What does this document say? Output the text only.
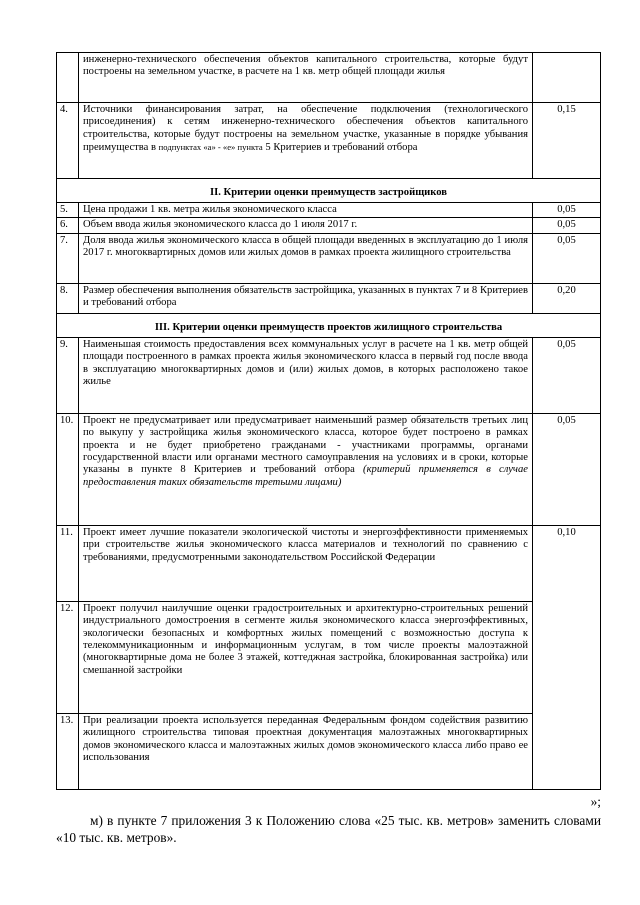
	инженерно-технического обеспечения объектов капитального строительства, которые будут построены на земельном участке, в расчете на 1 кв. метр общей площади жилья	
4.	Источники финансирования затрат, на обеспечение подключения (технологического присоединения) к сетям инженерно-технического обеспечения объектов капитального строительства, которые будут построены на земельном участке, указанные в порядке убывания преимущества в подпунктах «а» - «е» пункта 5 Критериев и требований отбора	0,15
II. Критерии оценки преимуществ застройщиков		
5.	Цена продажи 1 кв. метра жилья экономического класса	0,05
6.	Объем ввода жилья экономического класса до 1 июля 2017 г.	0,05
7.	Доля ввода жилья экономического класса в общей площади введенных в эксплуатацию до 1 июля 2017 г. многоквартирных домов или жилых домов в рамках проекта жилищного строительства	0,05
8.	Размер обеспечения выполнения обязательств застройщика, указанных в пунктах 7 и 8 Критериев и требований отбора	0,20
III. Критерии оценки преимуществ проектов жилищного строительства		
9.	Наименьшая стоимость предоставления всех коммунальных услуг в расчете на 1 кв. метр общей площади построенного в рамках проекта жилья экономического класса в первый год после ввода в эксплуатацию многоквартирных домов и (или) жилых домов, в которых расположено такое жилье	0,05
10.	Проект не предусматривает или предусматривает наименьший размер обязательств третьих лиц по выкупу у застройщика жилья экономического класса, которое будет построено в рамках проекта и не будет приобретено гражданами - участниками программы, органами государственной власти или органами местного самоуправления на условиях и в сроки, которые указаны в пункте 8 Критериев и требований отбора (критерий применяется в случае предоставления таких обязательств третьими лицами)	0,05
11.	Проект имеет лучшие показатели экологической чистоты и энергоэффективности применяемых при строительстве жилья экономического класса материалов и технологий по сравнению с требованиями, предусмотренными законодательством Российской Федерации	0,10
12.	Проект получил наилучшие оценки градостроительных и архитектурно-строительных решений индустриального домостроения в сегменте жилья экономического класса энергоэффективных, экологически безопасных и комфортных жилых помещений с возможностью доступа к телекоммуникационным и информационным услугам, в том числе проекты малоэтажной (многоквартирные дома не более 3 этажей, коттеджная застройка, блокированная застройка) или смешанной застройки	
13.	При реализации проекта используется переданная Федеральным фондом содействия развитию жилищного строительства типовая проектная документация малоэтажных многоквартирных домов экономического класса и малоэтажных жилых домов экономического класса либо право ее использования	
»;
м) в пункте 7 приложения 3 к Положению слова «25 тыс. кв. метров» заменить словами «10 тыс. кв. метров».
